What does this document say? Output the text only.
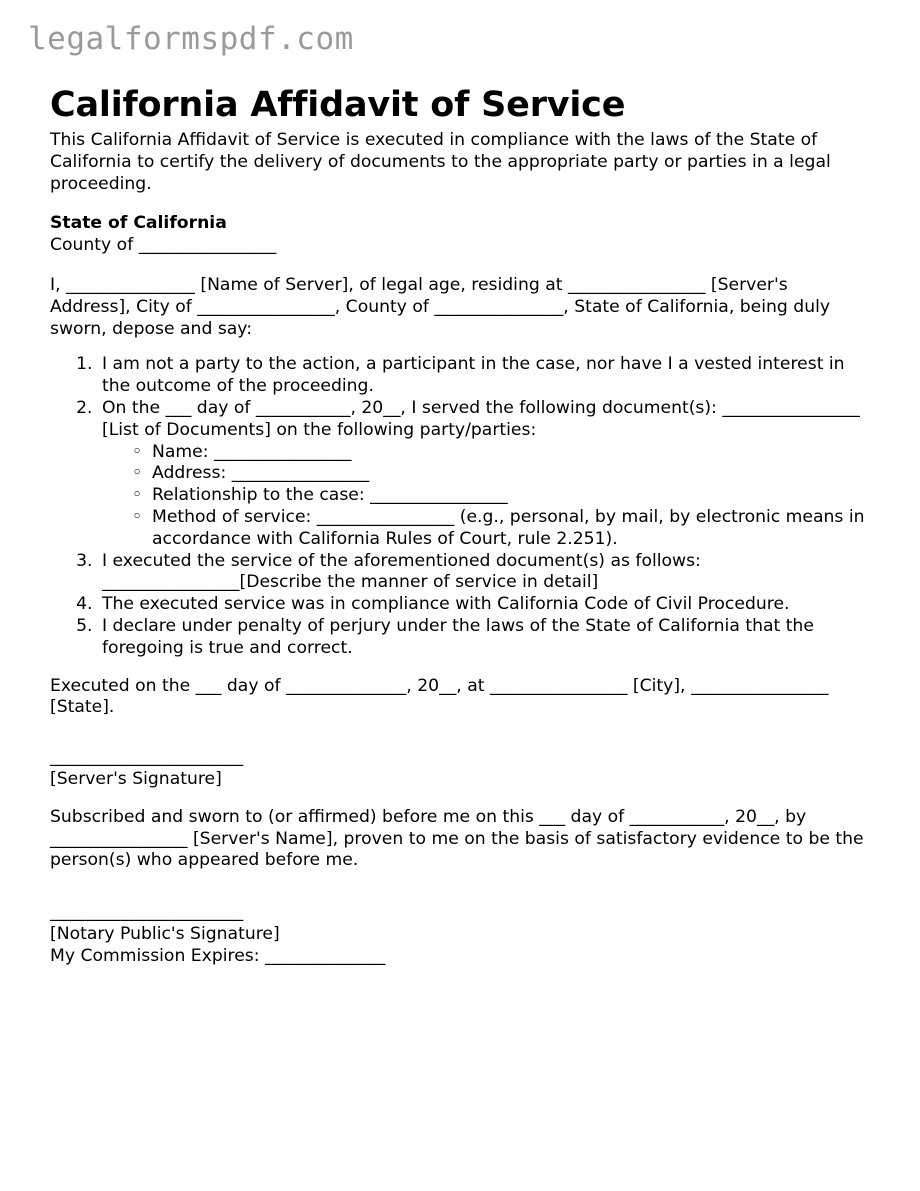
legalformspdf.com
California Affidavit of Service

This California Affidavit of Service is executed in compliance with the laws of the State of California to certify the delivery of documents to the appropriate party or parties in a legal proceeding.

State of California
County of ________________

I, _______________ [Name of Server], of legal age, residing at ________________ [Server's Address], City of ________________, County of _______________, State of California, being duly sworn, depose and say:

1. I am not a party to the action, a participant in the case, nor have I a vested interest in the outcome of the proceeding.
2. On the ___ day of ___________, 20__, I served the following document(s): ________________ [List of Documents] on the following party/parties:
◦ Name: ________________
◦ Address: ________________
◦ Relationship to the case: ________________
◦ Method of service: ________________ (e.g., personal, by mail, by electronic means in accordance with California Rules of Court, rule 2.251).
3. I executed the service of the aforementioned document(s) as follows: ________________[Describe the manner of service in detail]
4. The executed service was in compliance with California Code of Civil Procedure.
5. I declare under penalty of perjury under the laws of the State of California that the foregoing is true and correct.

Executed on the ___ day of ______________, 20__, at ________________ [City], ________________ [State].

______________________
[Server's Signature]

Subscribed and sworn to (or affirmed) before me on this ___ day of ___________, 20__, by ________________ [Server's Name], proven to me on the basis of satisfactory evidence to be the person(s) who appeared before me.

______________________
[Notary Public's Signature]
My Commission Expires: ______________
